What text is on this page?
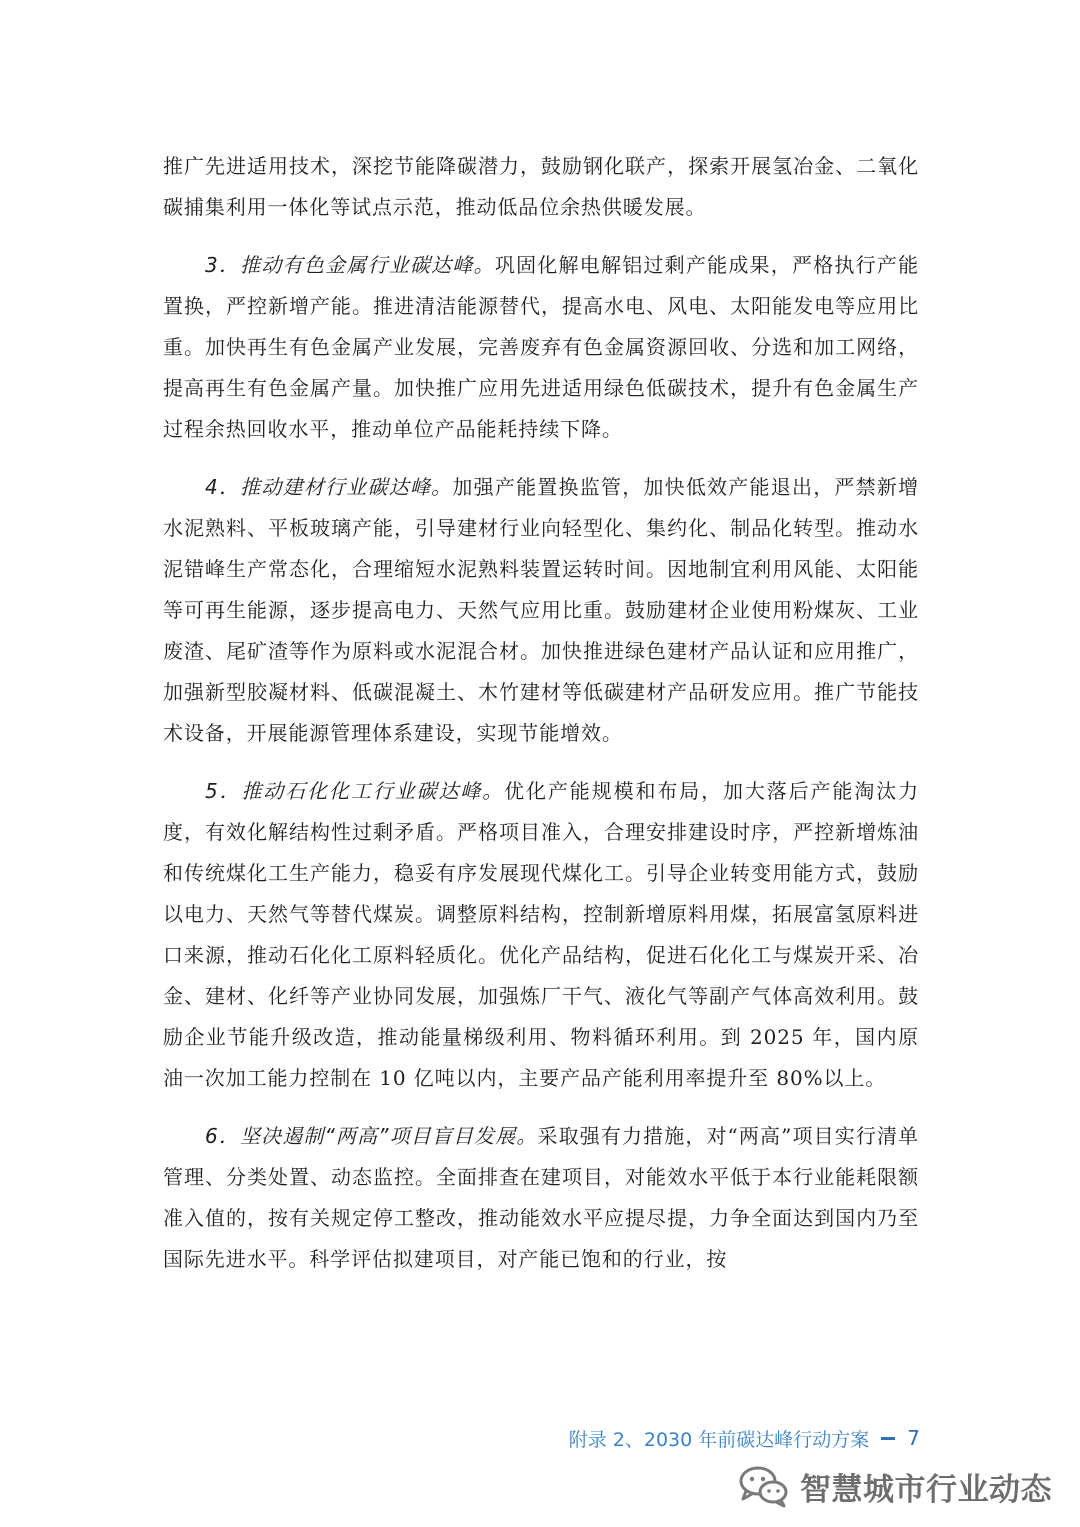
推广先进适用技术，深挖节能降碳潜力，鼓励钢化联产，探索开展氢冶金、二氧化碳捕集利用一体化等试点示范，推动低品位余热供暖发展。

3．推动有色金属行业碳达峰。巩固化解电解铝过剩产能成果，严格执行产能置换，严控新增产能。推进清洁能源替代，提高水电、风电、太阳能发电等应用比重。加快再生有色金属产业发展，完善废弃有色金属资源回收、分选和加工网络，提高再生有色金属产量。加快推广应用先进适用绿色低碳技术，提升有色金属生产过程余热回收水平，推动单位产品能耗持续下降。

4．推动建材行业碳达峰。加强产能置换监管，加快低效产能退出，严禁新增水泥熟料、平板玻璃产能，引导建材行业向轻型化、集约化、制品化转型。推动水泥错峰生产常态化，合理缩短水泥熟料装置运转时间。因地制宜利用风能、太阳能等可再生能源，逐步提高电力、天然气应用比重。鼓励建材企业使用粉煤灰、工业废渣、尾矿渣等作为原料或水泥混合材。加快推进绿色建材产品认证和应用推广，加强新型胶凝材料、低碳混凝土、木竹建材等低碳建材产品研发应用。推广节能技术设备，开展能源管理体系建设，实现节能增效。

5．推动石化化工行业碳达峰。优化产能规模和布局，加大落后产能淘汰力度，有效化解结构性过剩矛盾。严格项目准入，合理安排建设时序，严控新增炼油和传统煤化工生产能力，稳妥有序发展现代煤化工。引导企业转变用能方式，鼓励以电力、天然气等替代煤炭。调整原料结构，控制新增原料用煤，拓展富氢原料进口来源，推动石化化工原料轻质化。优化产品结构，促进石化化工与煤炭开采、冶金、建材、化纤等产业协同发展，加强炼厂干气、液化气等副产气体高效利用。鼓励企业节能升级改造，推动能量梯级利用、物料循环利用。到 2025 年，国内原油一次加工能力控制在 10 亿吨以内，主要产品产能利用率提升至 80%以上。

6．坚决遏制“两高”项目盲目发展。采取强有力措施，对“两高”项目实行清单管理、分类处置、动态监控。全面排查在建项目，对能效水平低于本行业能耗限额准入值的，按有关规定停工整改，推动能效水平应提尽提，力争全面达到国内乃至国际先进水平。科学评估拟建项目，对产能已饱和的行业，按

附录 2、2030 年前碳达峰行动方案 7
智慧城市行业动态
